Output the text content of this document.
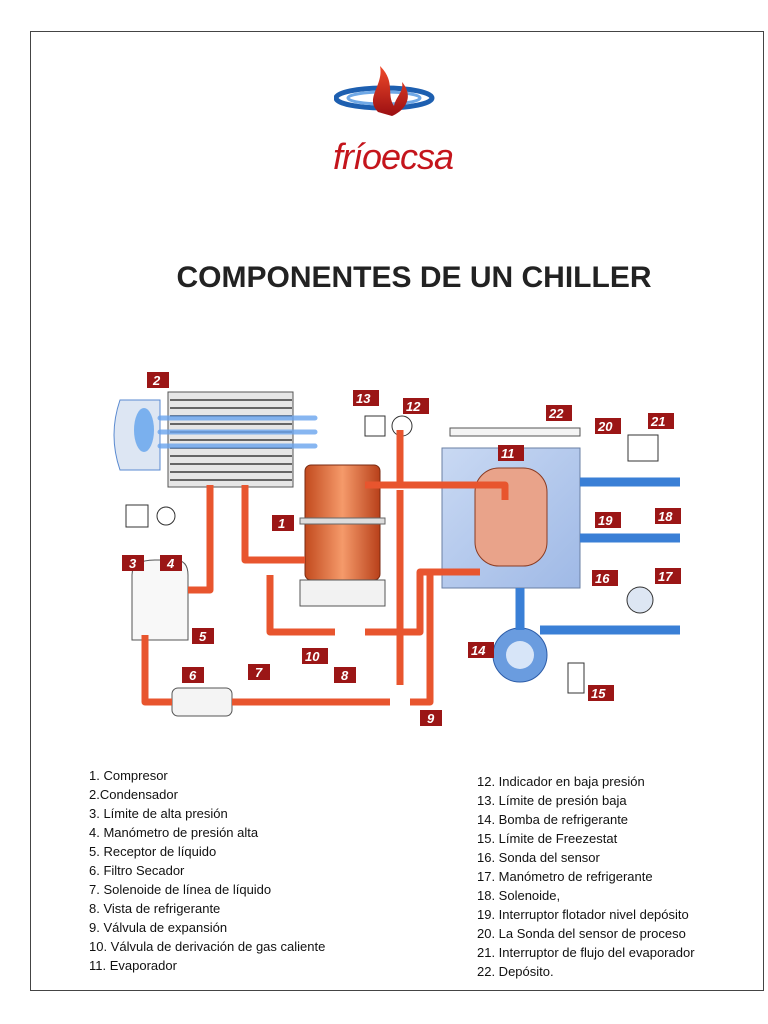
fríoecsa
COMPONENTES DE UN CHILLER
1
2
3 4
5
6	7	8
9
10
11
12
13
14
15
16	17
18
19
20	21
22
1. Compresor
2.Condensador
3. Límite de alta presión
4. Manómetro de presión alta
5. Receptor de líquido
6. Filtro Secador
7. Solenoide de línea de líquido
8. Vista de refrigerante
9. Válvula de expansión
10. Válvula de derivación de gas caliente
11. Evaporador
12. Indicador en baja presión
13. Límite de presión baja
14. Bomba de refrigerante
15. Límite de Freezestat
16. Sonda del sensor
17. Manómetro de refrigerante
18. Solenoide,
19. Interruptor flotador nivel depósito
20. La Sonda del sensor de proceso
21. Interruptor de flujo del evaporador
22. Depósito.
